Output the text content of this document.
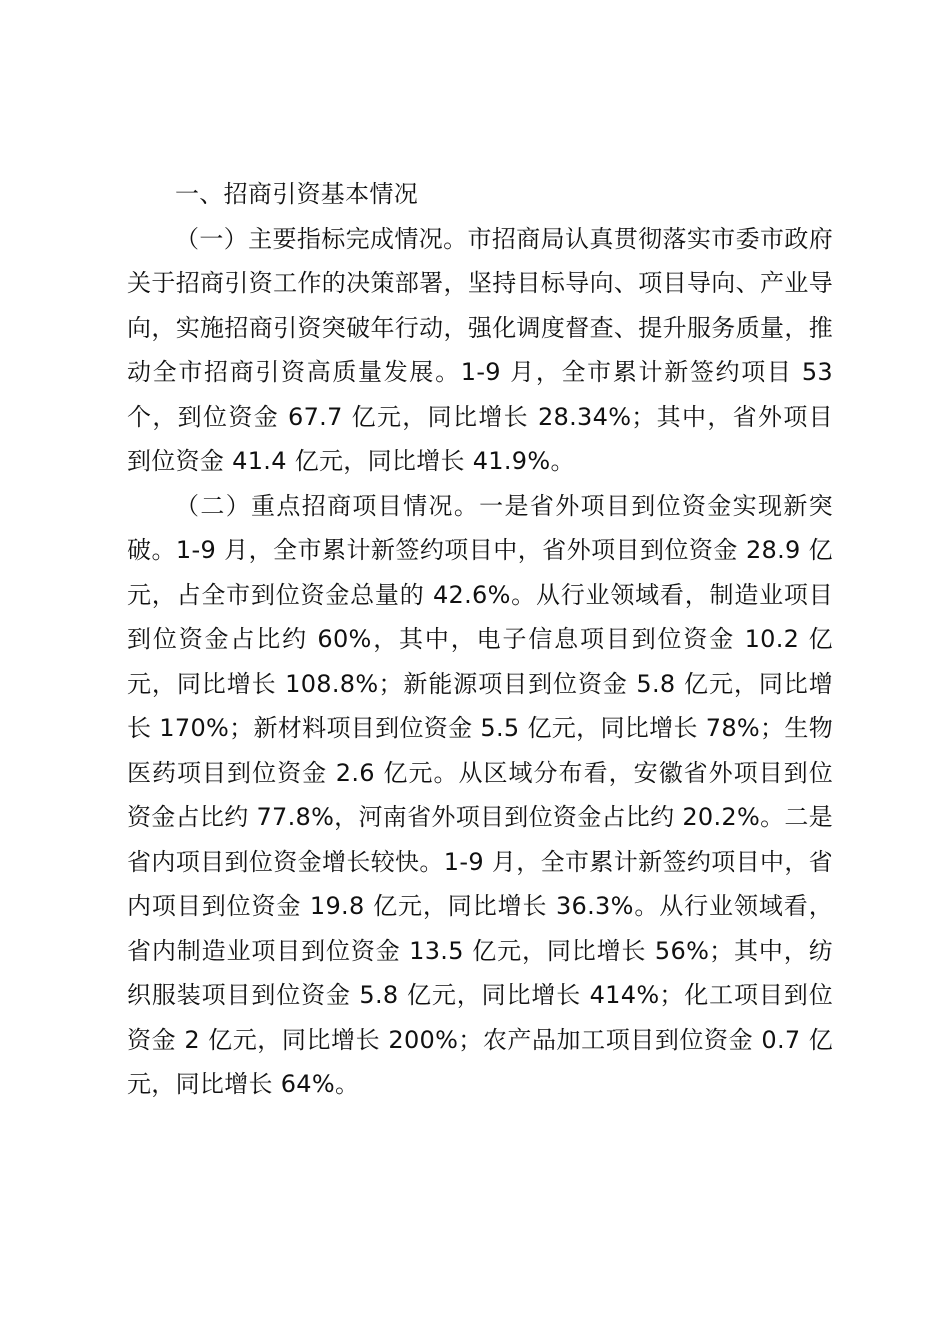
一、招商引资基本情况

（一）主要指标完成情况。市招商局认真贯彻落实市委市政府关于招商引资工作的决策部署，坚持目标导向、项目导向、产业导向，实施招商引资突破年行动，强化调度督查、提升服务质量，推动全市招商引资高质量发展。1-9 月，全市累计新签约项目 53 个，到位资金 67.7 亿元，同比增长 28.34%；其中，省外项目到位资金 41.4 亿元，同比增长 41.9%。

（二）重点招商项目情况。一是省外项目到位资金实现新突破。1-9 月，全市累计新签约项目中，省外项目到位资金 28.9 亿元，占全市到位资金总量的 42.6%。从行业领域看，制造业项目到位资金占比约 60%，其中，电子信息项目到位资金 10.2 亿元，同比增长 108.8%；新能源项目到位资金 5.8 亿元，同比增长 170%；新材料项目到位资金 5.5 亿元，同比增长 78%；生物医药项目到位资金 2.6 亿元。从区域分布看，安徽省外项目到位资金占比约 77.8%，河南省外项目到位资金占比约 20.2%。二是省内项目到位资金增长较快。1-9 月，全市累计新签约项目中，省内项目到位资金 19.8 亿元，同比增长 36.3%。从行业领域看，省内制造业项目到位资金 13.5 亿元，同比增长 56%；其中，纺织服装项目到位资金 5.8 亿元，同比增长 414%；化工项目到位资金 2 亿元，同比增长 200%；农产品加工项目到位资金 0.7 亿元，同比增长 64%。
